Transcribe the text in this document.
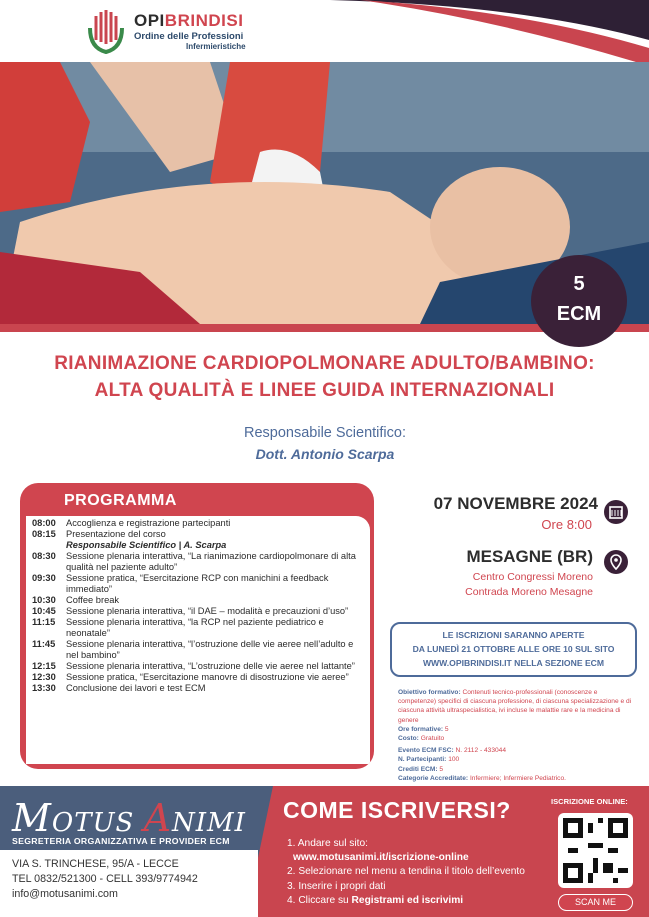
OPIBRINDISI
Ordine delle Professioni
Infermieristiche
5
ECM
RIANIMAZIONE CARDIOPOLMONARE ADULTO/BAMBINO:
ALTA QUALITÀ E LINEE GUIDA INTERNAZIONALI
Responsabile Scientifico:
Dott. Antonio Scarpa
PROGRAMMA
08:00	Accoglienza e registrazione partecipanti
08:15	Presentazione del corso
Responsabile Scientifico | A. Scarpa
08:30	Sessione plenaria interattiva, “La rianimazione cardiopolmonare di alta qualità nel paziente adulto”
09:30	Sessione pratica, “Esercitazione RCP con manichini a feedback immediato”
10:30	Coffee break
10:45	Sessione plenaria interattiva, “il DAE – modalità e precauzioni d’uso”
11:15	Sessione plenaria interattiva, “la RCP nel paziente pediatrico e neonatale”
11:45	Sessione plenaria interattiva, “l’ostruzione delle vie aeree nell’adulto e nel bambino”
12:15	Sessione plenaria interattiva, “L’ostruzione delle vie aeree nel lattante”
12:30	Sessione pratica, “Esercitazione manovre di disostruzione vie aeree”
13:30	Conclusione dei lavori e test ECM
07 NOVEMBRE 2024
Ore 8:00
MESAGNE (BR)
Centro Congressi Moreno
Contrada Moreno Mesagne
LE ISCRIZIONI SARANNO APERTE
DA LUNEDÌ 21 OTTOBRE ALLE ORE 10 SUL SITO
WWW.OPIBRINDISI.IT NELLA SEZIONE ECM
Obiettivo formativo: Contenuti tecnico-professionali (conoscenze e competenze) specifici di ciascuna professione, di ciascuna specializzazione e di ciascuna attività ultraspecialistica, ivi incluse le malattie rare e la medicina di genere
Ore formative: 5
Costo: Gratuito
Evento ECM FSC: N. 2112 - 433044
N. Partecipanti: 100
Crediti ECM: 5
Categorie Accreditate: Infermiere; Infermiere Pediatrico.
MOTUS ANIMI
SEGRETERIA ORGANIZZATIVA E PROVIDER ECM
VIA S. TRINCHESE, 95/A - LECCE
TEL 0832/521300 - CELL 393/9774942
info@motusanimi.com
COME ISCRIVERSI?
1. Andare sul sito:
www.motusanimi.it/iscrizione-online
2. Selezionare nel menu a tendina il titolo dell’evento
3. Inserire i propri dati
4. Cliccare su Registrami ed iscrivimi
ISCRIZIONE ONLINE:
SCAN ME
